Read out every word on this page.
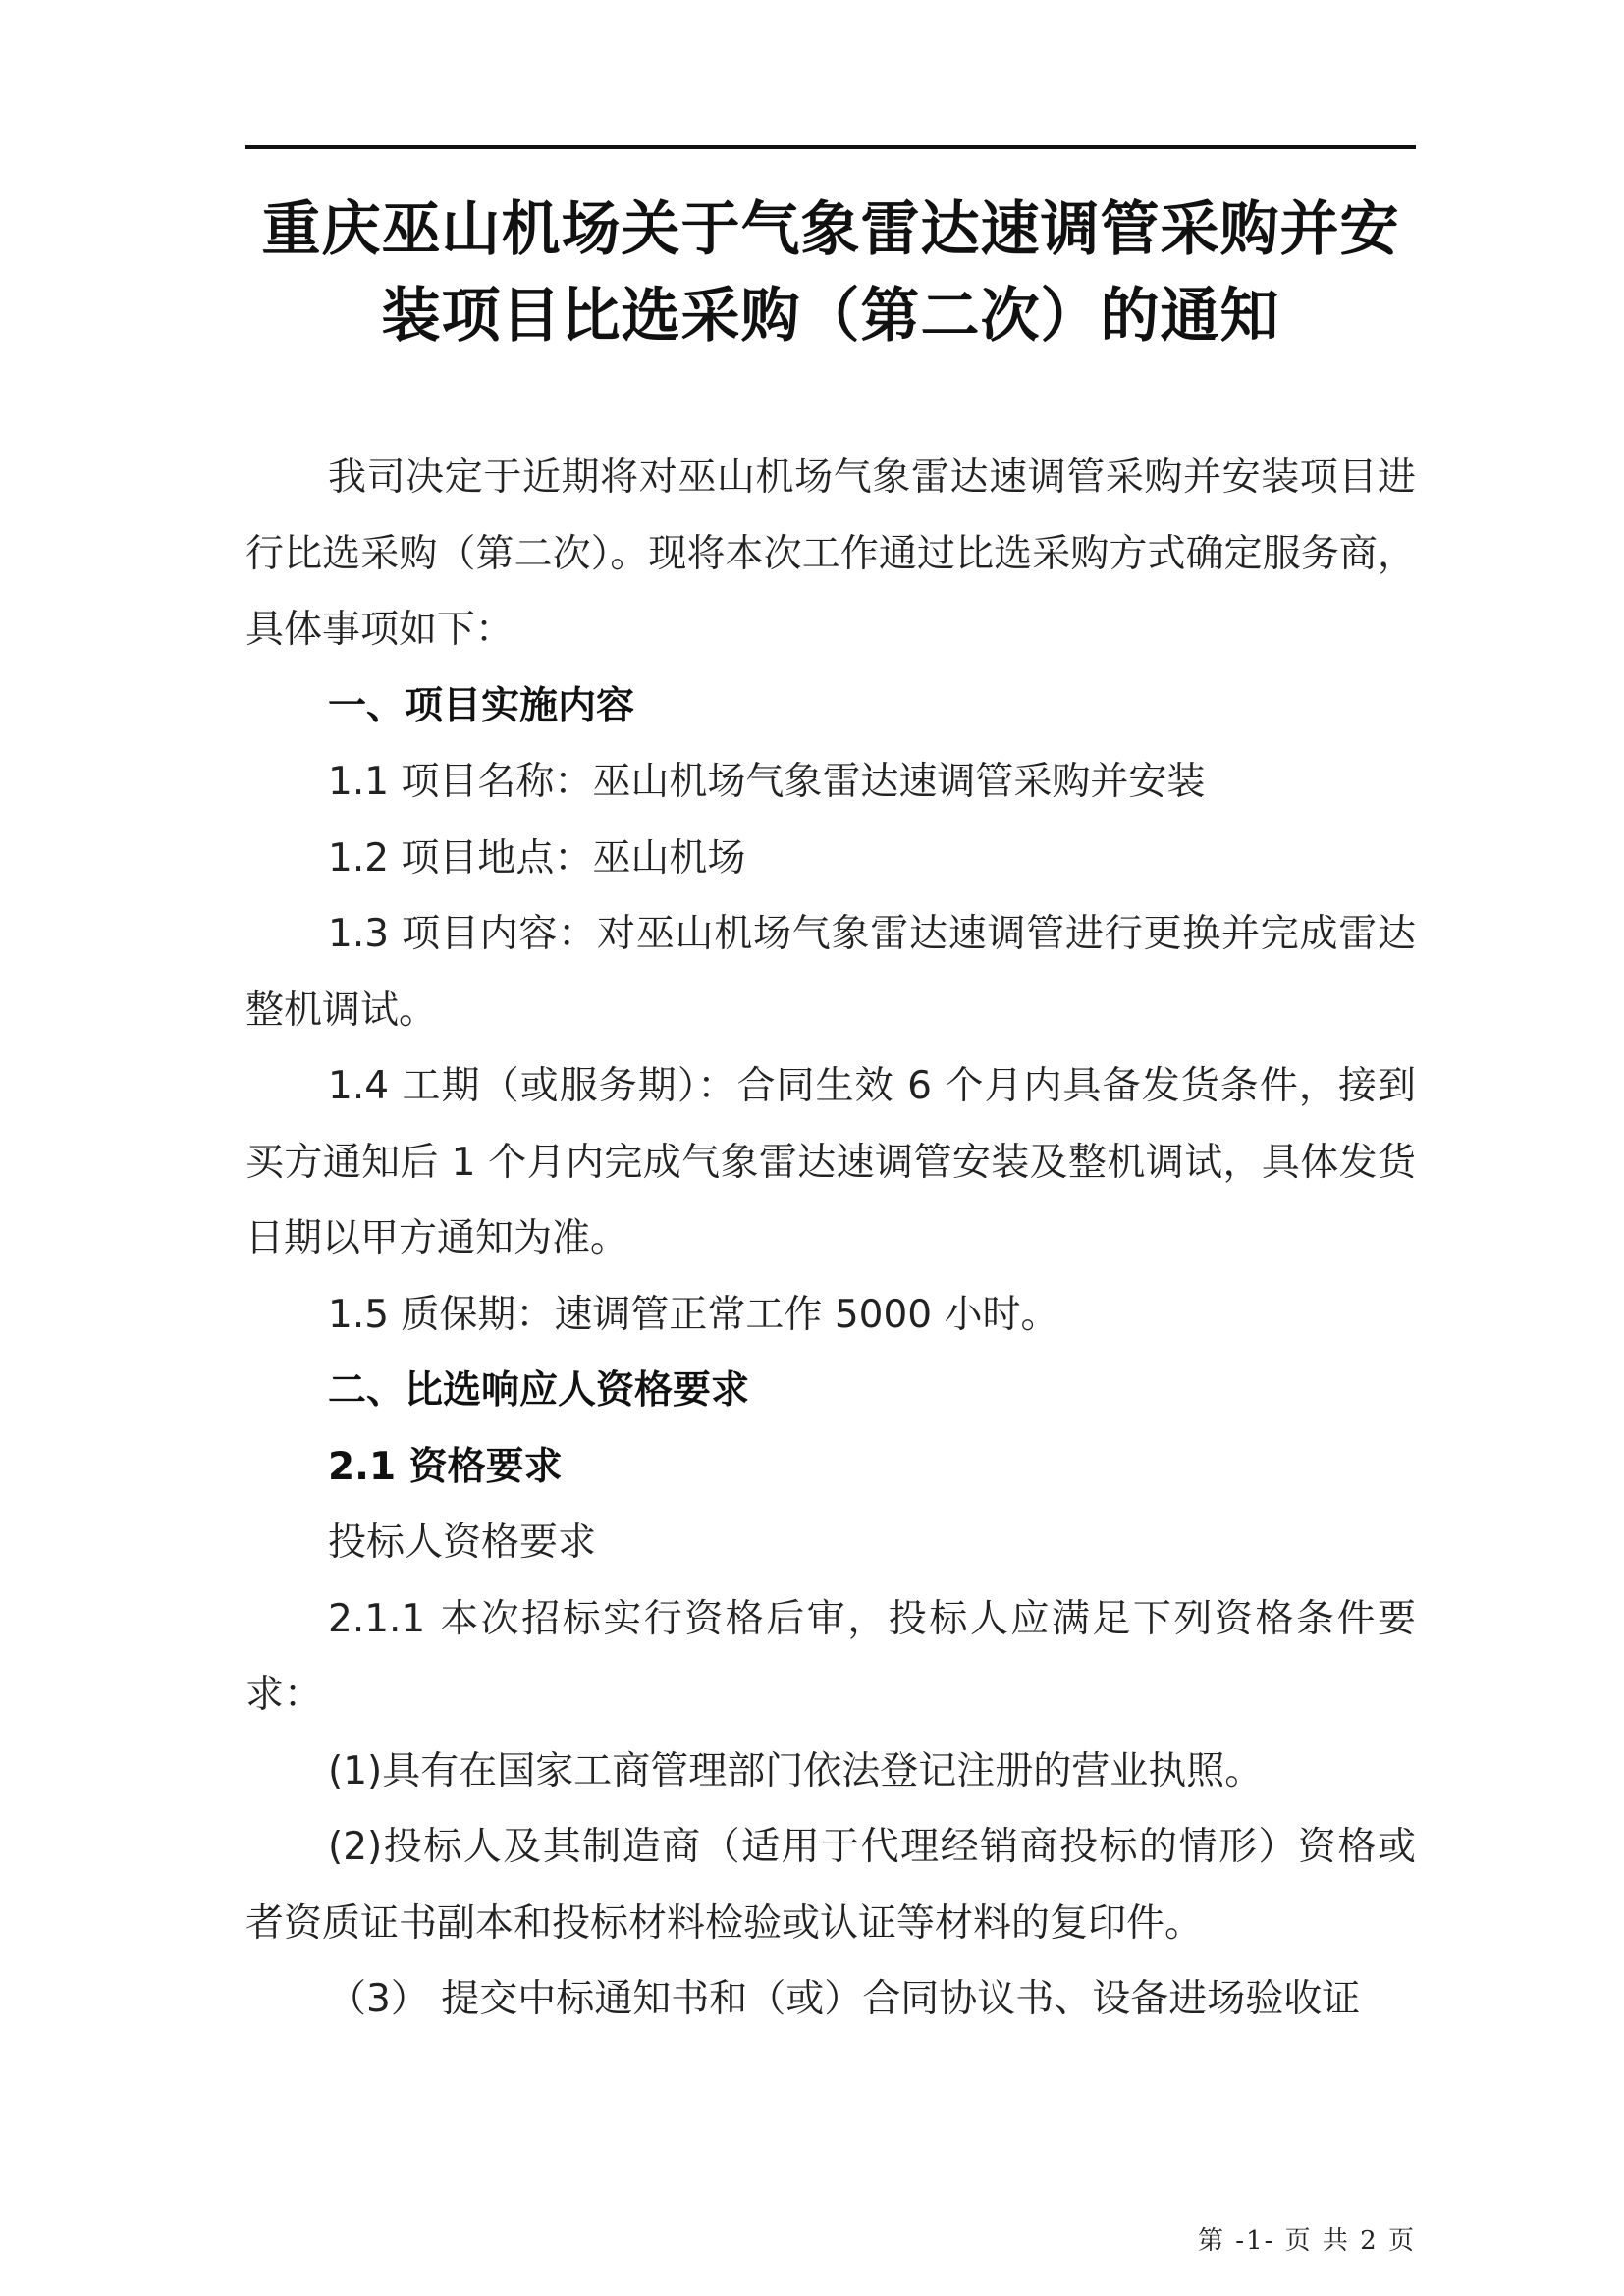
重庆巫山机场关于气象雷达速调管采购并安
装项目比选采购（第二次）的通知
我司决定于近期将对巫山机场气象雷达速调管采购并安装项目进行比选采购（第二次）。现将本次工作通过比选采购方式确定服务商，具体事项如下：
一、项目实施内容
1.1 项目名称：巫山机场气象雷达速调管采购并安装
1.2 项目地点：巫山机场
1.3 项目内容：对巫山机场气象雷达速调管进行更换并完成雷达整机调试。
1.4 工期（或服务期）：合同生效 6 个月内具备发货条件，接到买方通知后 1 个月内完成气象雷达速调管安装及整机调试，具体发货日期以甲方通知为准。
1.5 质保期：速调管正常工作 5000 小时。
二、比选响应人资格要求
2.1 资格要求
投标人资格要求
2.1.1 本次招标实行资格后审，投标人应满足下列资格条件要求：
(1)具有在国家工商管理部门依法登记注册的营业执照。
(2)投标人及其制造商（适用于代理经销商投标的情形）资格或者资质证书副本和投标材料检验或认证等材料的复印件。
（3） 提交中标通知书和（或）合同协议书、设备进场验收证
第 -1- 页 共 2 页
